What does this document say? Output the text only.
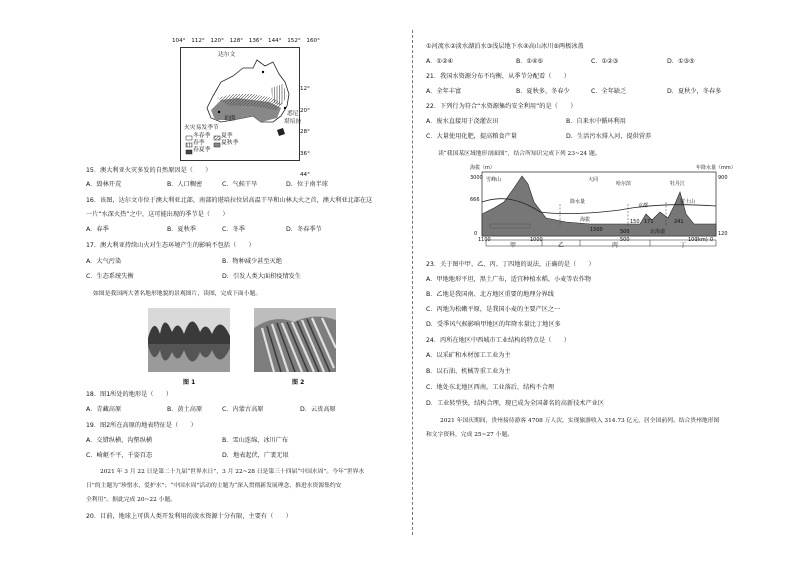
104° 112° 120° 128° 136° 144° 152° 160°
达尔文
珀斯
悉尼
堪培拉
火灾易发季节
冬春季 夏季
春季	夏秋季
春夏季
12°
20°
28°
36°
44°
15．澳大利亚火灾多发的自然原因是（　　）
A．毁林开荒	B．人口稠密	C．气候干旱	D．位于南半球
16．该图，达尔文市位于澳大利亚北部，南部的堪培拉位居高温干旱和山林大火之首，澳大利亚北部在这
一片“水深火热”之中，这可能出现的季节是（　　）
A．春季	B．夏秋季	C．冬季	D．冬春季节
17．澳大利亚持续山火对生态环境产生的影响不包括（　　）
A．大气污染	B．物种减少甚至灭绝
C．生态系统失衡	D．引发人类大面积疫情发生
如图是我国两大著名地形地貌的景观图片，读图，完成下面小题。
图 1	图 2
18．图1所处的地形是（　　）
A．青藏高原	B．黄土高原	C．内蒙古高原	D．云贵高原
19．图2所在高原的地表特征是（　　）
A．交错纵横，沟壑纵横	B．雪山连绵，冰川广布
C．崎岖不平，千姿百态	D．地表起伏，广袤无垠
2021 年 3 月 22 日是第二十九届“世界水日”，3 月 22~28 日是第三十四届“中国水周”。今年“世界水
日”的主题为“珍惜水、爱护水”；“中国水周”活动的主题为“深入贯彻新发展理念，推进水资源集约安
全利用”。据此完成 20~22 小题。
20．目前，地球上可供人类开发利用的淡水资源十分有限，主要有（　　）
①河流水②淡水湖泊水③浅层地下水④高山冰川⑤两极冰盖
A．①②④	B．①④⑤	C．①②③	D．①③⑤
21．我国水资源分布不均衡，从季节分配看（　　）
A．全年丰富	B．夏秋多，冬春少	C．全年缺乏	D．夏秋少，冬春多
22．下列行为符合“水资源集约安全利用”的是（　　）
A．废水直接用于浇灌农田	B．自来水中循环利用
C．大量使用化肥，提高粮食产量	D．生活污水排入河，提供营养
读“我国某区域地形剖面图”，结合所知识完成下列 23~24 题。
海拔（m）	年降水量（mm）
3000
666
0
900
120
雪峰山	大同
哈尔滨	牡丹江
降水量
海拔	150 171	241
北海道
1500	500
京都
富士山
1100	1000	500	100 0
(km)
甲	乙	丙	丁
23．关于图中甲、乙、丙、丁四地的说法，正确的是（　　）
A．甲地地形平坦，黑土广布，适宜种植水稻、小麦等农作物
B．乙地是我国南、北方地区重要的地理分界线
C．丙地为松嫩平原，是我国小麦的主要产区之一
D．受季风气候影响甲地区的年降水量比丁地区多
24．丙所在地区中西城市工业结构的特点是（　　）
A．以采矿和木材加工工业为主
B．以石油、机械等重工业为主
C．地处东北地区西南，工业落后，结构不合理
D．工业转型快，结构合理，现已成为全国著名的高新技术产业区
2021 年国庆期间，贵州接待游客 4708 万人次，实现旅游收入 314.73 亿元，居全国前列。结合贵州地形图
和文字资料，完成 25~27 小题。
